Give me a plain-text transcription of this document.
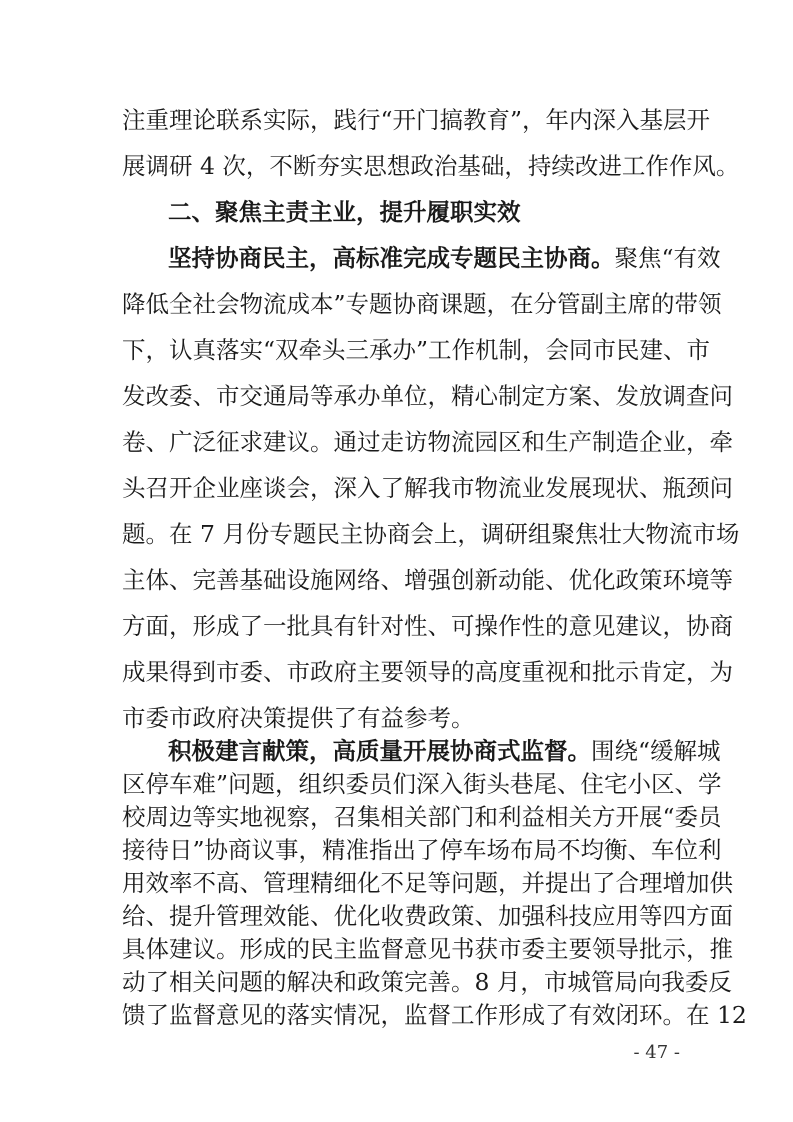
注重理论联系实际，践行“开门搞教育”，年内深入基层开
展调研 4 次，不断夯实思想政治基础，持续改进工作作风。
二、聚焦主责主业，提升履职实效
坚持协商民主，高标准完成专题民主协商。聚焦“有效
降低全社会物流成本”专题协商课题，在分管副主席的带领
下，认真落实“双牵头三承办”工作机制，会同市民建、市
发改委、市交通局等承办单位，精心制定方案、发放调查问
卷、广泛征求建议。通过走访物流园区和生产制造企业，牵
头召开企业座谈会，深入了解我市物流业发展现状、瓶颈问
题。在 7 月份专题民主协商会上，调研组聚焦壮大物流市场
主体、完善基础设施网络、增强创新动能、优化政策环境等
方面，形成了一批具有针对性、可操作性的意见建议，协商
成果得到市委、市政府主要领导的高度重视和批示肯定，为
市委市政府决策提供了有益参考。
积极建言献策，高质量开展协商式监督。围绕“缓解城
区停车难”问题，组织委员们深入街头巷尾、住宅小区、学
校周边等实地视察，召集相关部门和利益相关方开展“委员
接待日”协商议事，精准指出了停车场布局不均衡、车位利
用效率不高、管理精细化不足等问题，并提出了合理增加供
给、提升管理效能、优化收费政策、加强科技应用等四方面
具体建议。形成的民主监督意见书获市委主要领导批示，推
动了相关问题的解决和政策完善。8 月，市城管局向我委反
馈了监督意见的落实情况，监督工作形成了有效闭环。在 12
- 47 -
